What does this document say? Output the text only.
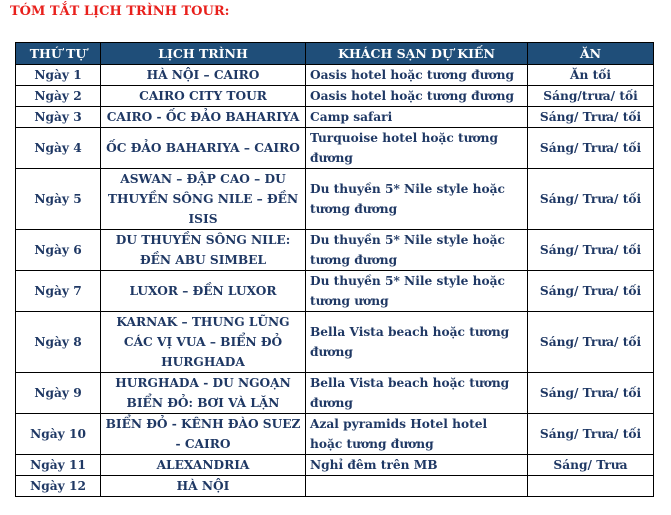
TÓM TẮT LỊCH TRÌNH TOUR:
THỨ TỰ	LỊCH TRÌNH	KHÁCH SẠN DỰ KIẾN	ĂN
Ngày 1	HÀ NỘI – CAIRO	Oasis hotel hoặc tương đương	Ăn tối
Ngày 2	CAIRO CITY TOUR	Oasis hotel hoặc tương đương	Sáng/trưa/ tối
Ngày 3	CAIRO - ỐC ĐẢO BAHARIYA	Camp safari	Sáng/ Trưa/ tối
Ngày 4	ỐC ĐẢO BAHARIYA – CAIRO	Turquoise hotel hoặc tương đương	Sáng/ Trưa/ tối
Ngày 5	ASWAN – ĐẬP CAO – DU THUYỀN SÔNG NILE – ĐỀN ISIS	Du thuyền 5* Nile style hoặc tương đương	Sáng/ Trưa/ tối
Ngày 6	DU THUYỀN SÔNG NILE: ĐỀN ABU SIMBEL	Du thuyền 5* Nile style hoặc tương đương	Sáng/ Trưa/ tối
Ngày 7	LUXOR – ĐỀN LUXOR	Du thuyền 5* Nile style hoặc tương ương	Sáng/ Trưa/ tối
Ngày 8	KARNAK – THUNG LŨNG CÁC VỊ VUA – BIỂN ĐỎ HURGHADA	Bella Vista beach hoặc tương đương	Sáng/ Trưa/ tối
Ngày 9	HURGHADA - DU NGOẠN BIỂN ĐỎ: BƠI VÀ LẶN	Bella Vista beach hoặc tương đương	Sáng/ Trưa/ tối
Ngày 10	BIỂN ĐỎ - KÊNH ĐÀO SUEZ - CAIRO	Azal pyramids Hotel hotel hoặc tương đương	Sáng/ Trưa/ tối
Ngày 11	ALEXANDRIA	Nghỉ đêm trên MB	Sáng/ Trưa
Ngày 12	HÀ NỘI		
